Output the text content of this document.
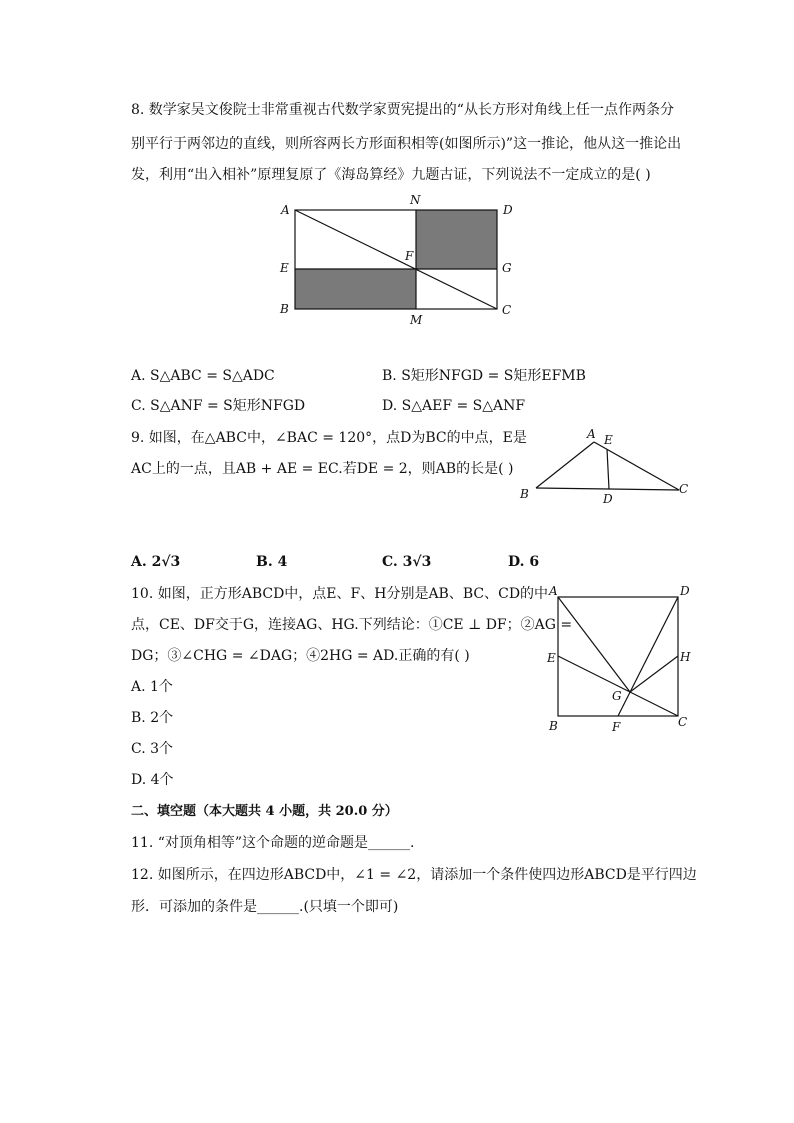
8. 数学家吴文俊院士非常重视古代数学家贾宪提出的“从长方形对角线上任一点作两条分
别平行于两邻边的直线，则所容两长方形面积相等(如图所示)”这一推论，他从这一推论出
发，利用“出入相补”原理复原了《海岛算经》九题古证，下列说法不一定成立的是( )
A
N
D
E
F
G
B
M
C
A. S△ABC = S△ADC	B. S矩形NFGD = S矩形EFMB
C. S△ANF = S矩形NFGD	D. S△AEF = S△ANF
9. 如图，在△ABC中，∠BAC = 120°，点D为BC的中点，E是
AC上的一点，且AB + AE = EC.若DE = 2，则AB的长是( )
A E
B	D
C
A. 2√3	B. 4	C. 3√3	D. 6
10. 如图，正方形ABCD中，点E、F、H分别是AB、BC、CD的中
点，CE、DF交于G，连接AG、HG.下列结论：①CE ⊥ DF；②AG =
DG；③∠CHG = ∠DAG；④2HG = AD.正确的有( )
A	D
E	H
G
B	F	C
A. 1个
B. 2个
C. 3个
D. 4个
二、填空题（本大题共 4 小题，共 20.0 分）
11. “对顶角相等”这个命题的逆命题是______.
12. 如图所示，在四边形ABCD中，∠1 = ∠2，请添加一个条件使四边形ABCD是平行四边
形．可添加的条件是______.(只填一个即可)
